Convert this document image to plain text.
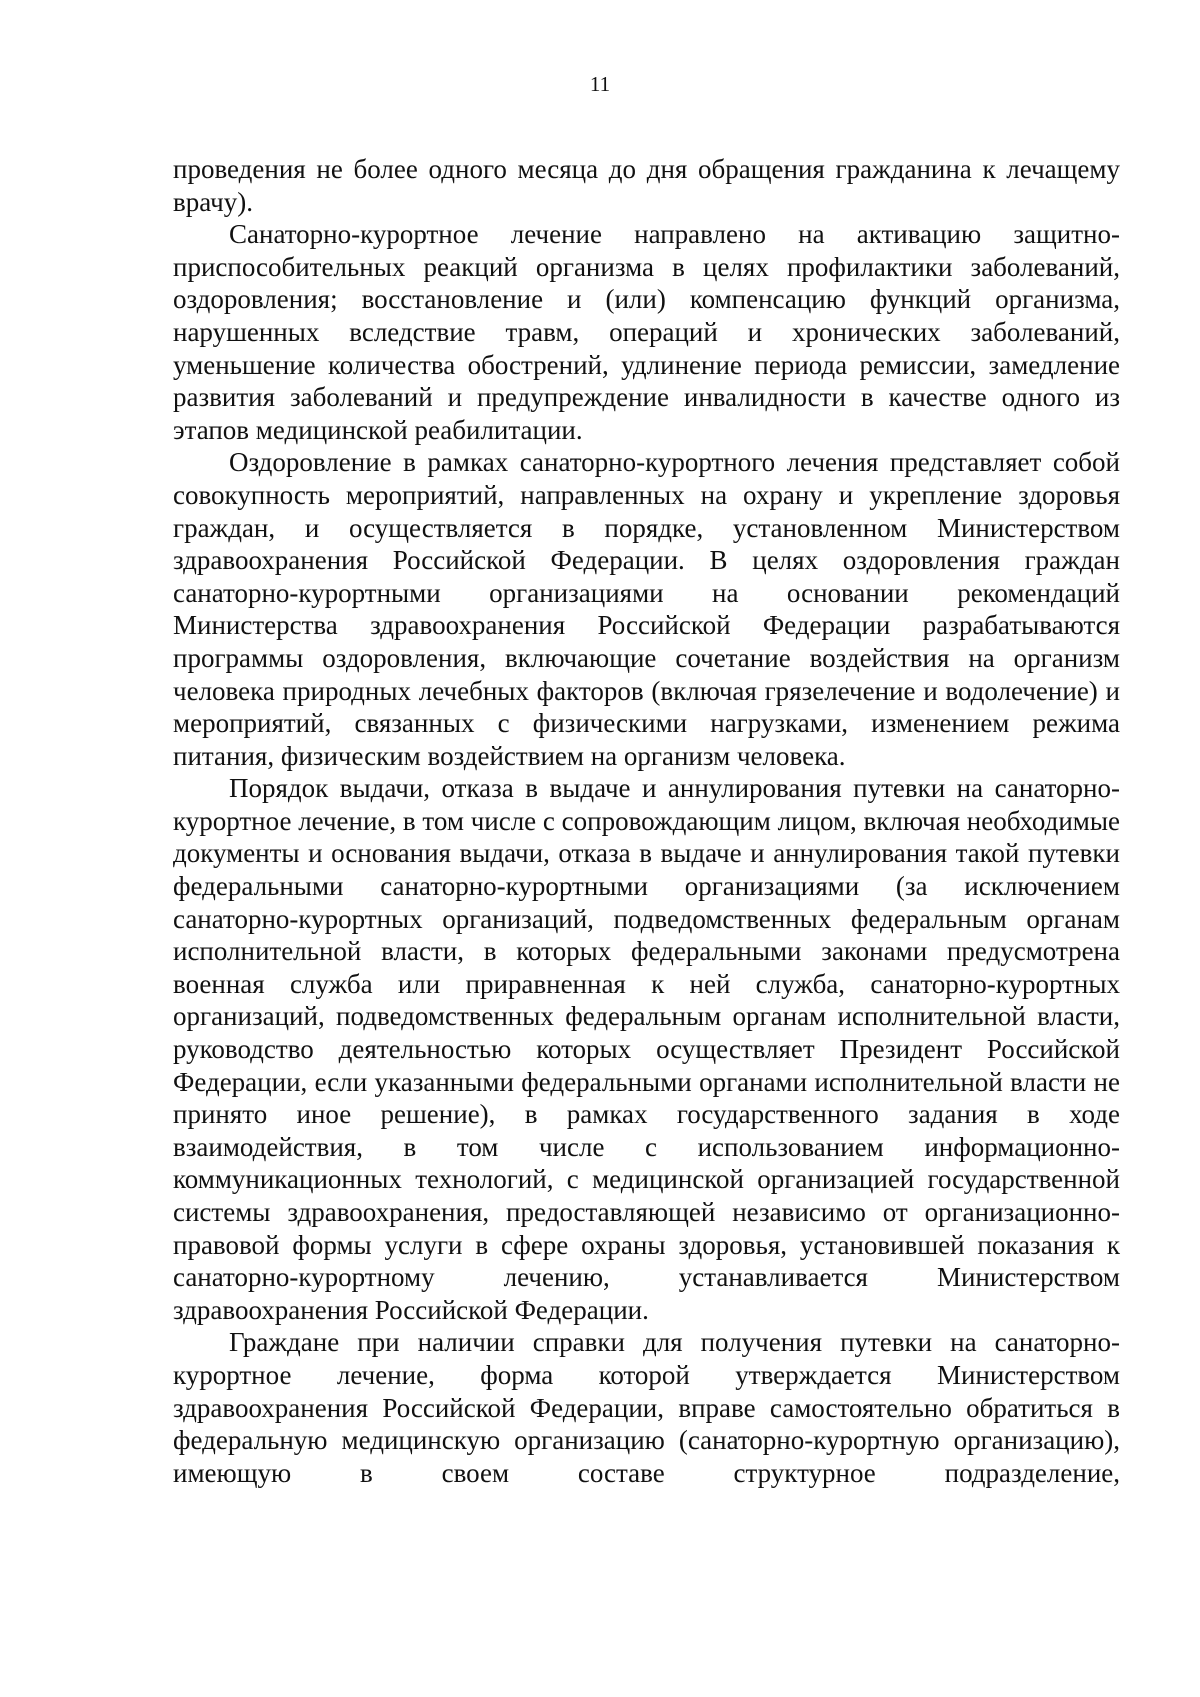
11

проведения не более одного месяца до дня обращения гражданина к лечащему врачу).

Санаторно-курортное лечение направлено на активацию защитно-приспособительных реакций организма в целях профилактики заболеваний, оздоровления; восстановление и (или) компенсацию функций организма, нарушенных вследствие травм, операций и хронических заболеваний, уменьшение количества обострений, удлинение периода ремиссии, замедление развития заболеваний и предупреждение инвалидности в качестве одного из этапов медицинской реабилитации.

Оздоровление в рамках санаторно-курортного лечения представляет собой совокупность мероприятий, направленных на охрану и укрепление здоровья граждан, и осуществляется в порядке, установленном Министерством здравоохранения Российской Федерации. В целях оздоровления граждан санаторно-курортными организациями на основании рекомендаций Министерства здравоохранения Российской Федерации разрабатываются программы оздоровления, включающие сочетание воздействия на организм человека природных лечебных факторов (включая грязелечение и водолечение) и мероприятий, связанных с физическими нагрузками, изменением режима питания, физическим воздействием на организм человека.

Порядок выдачи, отказа в выдаче и аннулирования путевки на санаторно-курортное лечение, в том числе с сопровождающим лицом, включая необходимые документы и основания выдачи, отказа в выдаче и аннулирования такой путевки федеральными санаторно-курортными организациями (за исключением санаторно-курортных организаций, подведомственных федеральным органам исполнительной власти, в которых федеральными законами предусмотрена военная служба или приравненная к ней служба, санаторно-курортных организаций, подведомственных федеральным органам исполнительной власти, руководство деятельностью которых осуществляет Президент Российской Федерации, если указанными федеральными органами исполнительной власти не принято иное решение), в рамках государственного задания в ходе взаимодействия, в том числе с использованием информационно-коммуникационных технологий, с медицинской организацией государственной системы здравоохранения, предоставляющей независимо от организационно-правовой формы услуги в сфере охраны здоровья, установившей показания к санаторно-курортному лечению, устанавливается Министерством здравоохранения Российской Федерации.

Граждане при наличии справки для получения путевки на санаторно-курортное лечение, форма которой утверждается Министерством здравоохранения Российской Федерации, вправе самостоятельно обратиться в федеральную медицинскую организацию (санаторно-курортную организацию), имеющую в своем составе структурное подразделение,
